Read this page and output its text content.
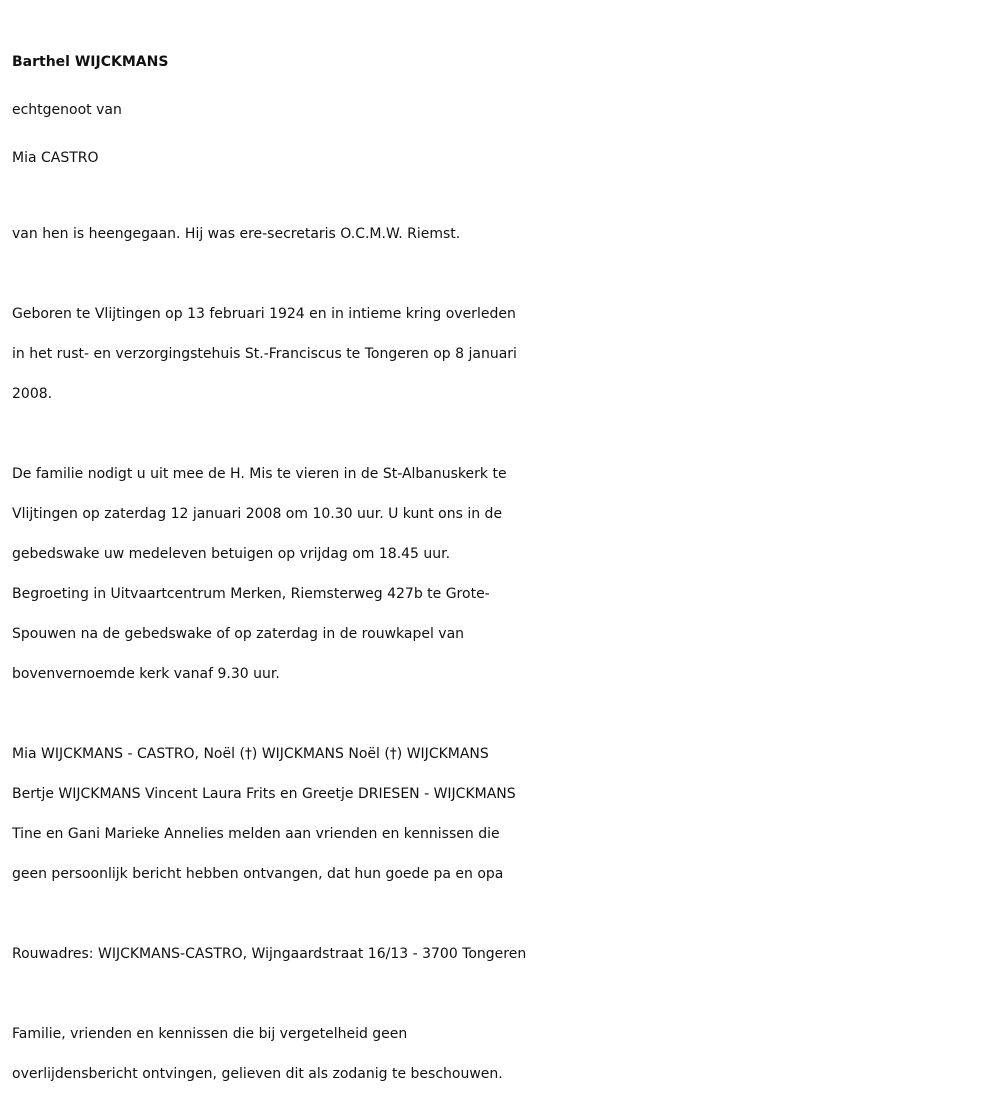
Barthel WIJCKMANS
echtgenoot van
Mia CASTRO

van hen is heengegaan. Hij was ere-secretaris O.C.M.W. Riemst.

Geboren te Vlijtingen op 13 februari 1924 en in intieme kring overleden
in het rust- en verzorgingstehuis St.-Franciscus te Tongeren op 8 januari
2008.

De familie nodigt u uit mee de H. Mis te vieren in de St-Albanuskerk te
Vlijtingen op zaterdag 12 januari 2008 om 10.30 uur. U kunt ons in de
gebedswake uw medeleven betuigen op vrijdag om 18.45 uur.
Begroeting in Uitvaartcentrum Merken, Riemsterweg 427b te Grote-
Spouwen na de gebedswake of op zaterdag in de rouwkapel van
bovenvernoemde kerk vanaf 9.30 uur.

Mia WIJCKMANS - CASTRO, Noël (†) WIJCKMANS Noël (†) WIJCKMANS
Bertje WIJCKMANS Vincent Laura Frits en Greetje DRIESEN - WIJCKMANS
Tine en Gani Marieke Annelies melden aan vrienden en kennissen die
geen persoonlijk bericht hebben ontvangen, dat hun goede pa en opa

Rouwadres: WIJCKMANS-CASTRO, Wijngaardstraat 16/13 - 3700 Tongeren

Familie, vrienden en kennissen die bij vergetelheid geen
overlijdensbericht ontvingen, gelieven dit als zodanig te beschouwen.
